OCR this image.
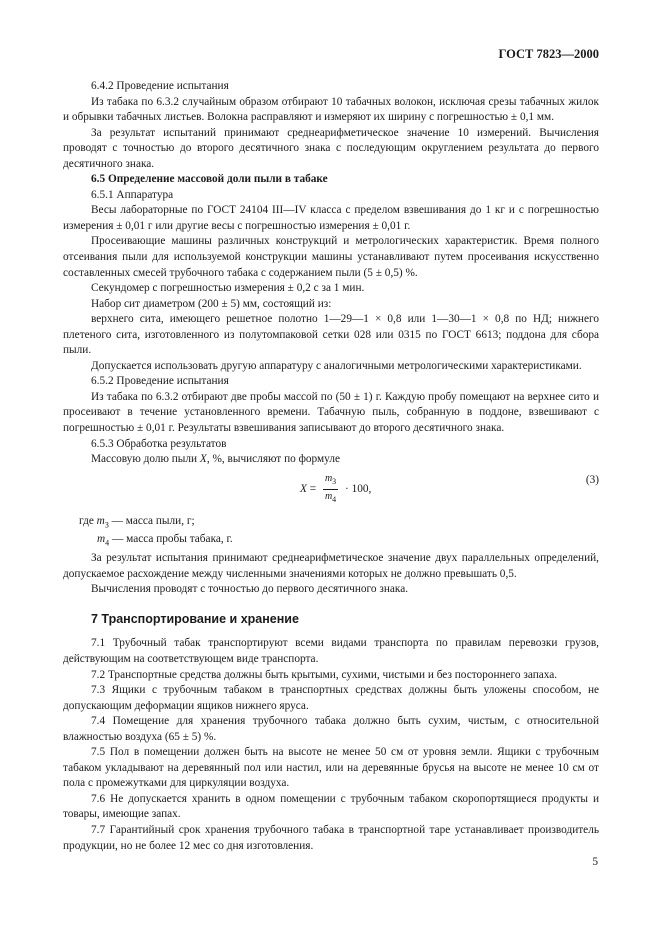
ГОСТ 7823—2000

6.4.2 Проведение испытания

Из табака по 6.3.2 случайным образом отбирают 10 табачных волокон, исключая срезы табачных жилок и обрывки табачных листьев. Волокна расправляют и измеряют их ширину с погрешностью ± 0,1 мм.

За результат испытаний принимают среднеарифметическое значение 10 измерений. Вычисления проводят с точностью до второго десятичного знака с последующим округлением результата до первого десятичного знака.

6.5 Определение массовой доли пыли в табаке

6.5.1 Аппаратура

Весы лабораторные по ГОСТ 24104 III—IV класса с пределом взвешивания до 1 кг и с погрешностью измерения ± 0,01 г или другие весы с погрешностью измерения ± 0,01 г.

Просеивающие машины различных конструкций и метрологических характеристик. Время полного отсеивания пыли для используемой конструкции машины устанавливают путем просеивания искусственно составленных смесей трубочного табака с содержанием пыли (5 ± 0,5) %.

Секундомер с погрешностью измерения ± 0,2 с за 1 мин.

Набор сит диаметром (200 ± 5) мм, состоящий из:

верхнего сита, имеющего решетное полотно 1—29—1 × 0,8 или 1—30—1 × 0,8 по НД; нижнего плетеного сита, изготовленного из полутомпаковой сетки 028 или 0315 по ГОСТ 6613; поддона для сбора пыли.

Допускается использовать другую аппаратуру с аналогичными метрологическими характеристиками.

6.5.2 Проведение испытания

Из табака по 6.3.2 отбирают две пробы массой по (50 ± 1) г. Каждую пробу помещают на верхнее сито и просеивают в течение установленного времени. Табачную пыль, собранную в поддоне, взвешивают с погрешностью ± 0,01 г. Результаты взвешивания записывают до второго десятичного знака.

6.5.3 Обработка результатов

Массовую долю пыли X, %, вычисляют по формуле

$X = \frac{m_3}{m_4} \cdot 100$,
(3)

где $m_3$ — масса пыли, г;

$m_4$ — масса пробы табака, г.

За результат испытания принимают среднеарифметическое значение двух параллельных определений, допускаемое расхождение между численными значениями которых не должно превышать 0,5.

Вычисления проводят с точностью до первого десятичного знака.

7 Транспортирование и хранение

7.1 Трубочный табак транспортируют всеми видами транспорта по правилам перевозки грузов, действующим на соответствующем виде транспорта.

7.2 Транспортные средства должны быть крытыми, сухими, чистыми и без постороннего запаха.

7.3 Ящики с трубочным табаком в транспортных средствах должны быть уложены способом, не допускающим деформации ящиков нижнего яруса.

7.4 Помещение для хранения трубочного табака должно быть сухим, чистым, с относительной влажностью воздуха (65 ± 5) %.

7.5 Пол в помещении должен быть на высоте не менее 50 см от уровня земли. Ящики с трубочным табаком укладывают на деревянный пол или настил, или на деревянные брусья на высоте не менее 10 см от пола с промежутками для циркуляции воздуха.

7.6 Не допускается хранить в одном помещении с трубочным табаком скоропортящиеся продукты и товары, имеющие запах.

7.7 Гарантийный срок хранения трубочного табака в транспортной таре устанавливает производитель продукции, но не более 12 мес со дня изготовления.

5
